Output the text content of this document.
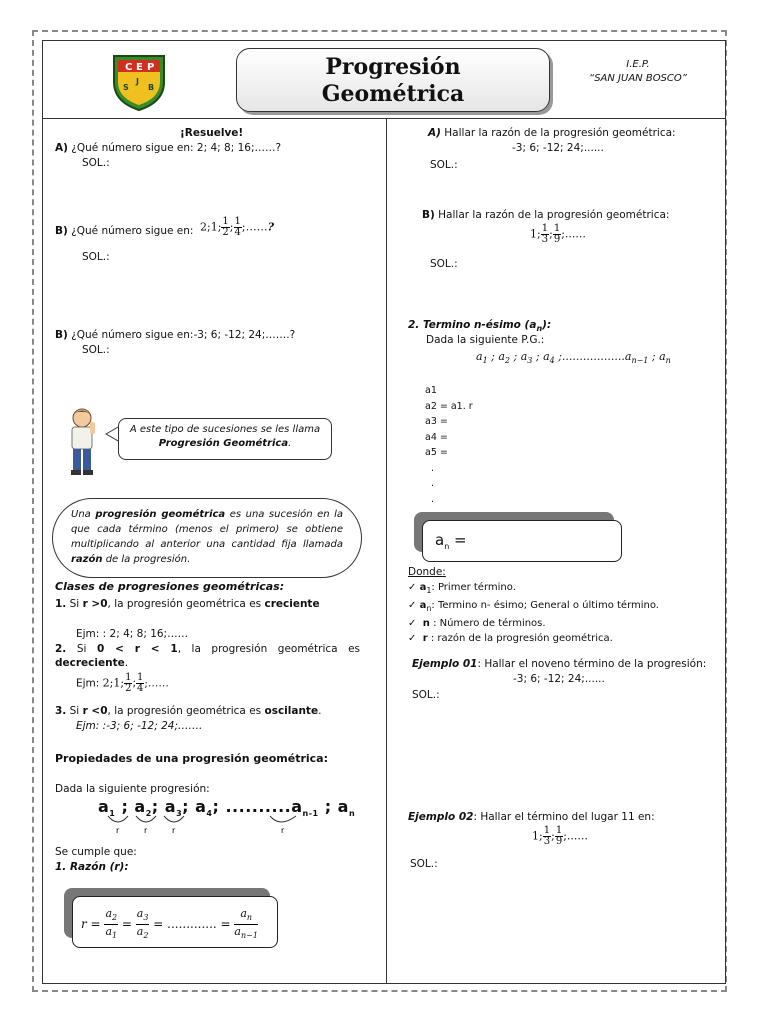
C E P
S
J
B
Progresión
Geométrica
I.E.P.
“SAN JUAN BOSCO”
¡Resuelve!
A) ¿Qué número sigue en: 2; 4; 8; 16;……?
SOL.:
B) ¿Qué número sigue en: 2;1; $\frac{1}{2}$ ; $\frac{1}{4}$ ;……?
SOL.:
B) ¿Qué número sigue en:-3; 6; -12; 24;…….?
SOL.:
A este tipo de sucesiones se les llama Progresión Geométrica.
Una progresión geométrica es una sucesión en la que cada término (menos el primero) se obtiene multiplicando al anterior una cantidad fija llamada razón de la progresión.
Clases de progresiones geométricas:
1. Si r >0, la progresión geométrica es creciente
Ejm: : 2; 4; 8; 16;……
2. Si 0 < r < 1, la progresión geométrica es decreciente.
Ejm: 2;1; $\frac{1}{2}$ ; $\frac{1}{4}$ ;……
3. Si r <0, la progresión geométrica es oscilante.
Ejm: :-3; 6; -12; 24;…….
Propiedades de una progresión geométrica:
Dada la siguiente progresión:
$a_1$ ; $a_2$; $a_3$; $a_4$; $..........a_{n-1}$ ; $a_n$
r	r	r	r
Se cumple que:
1. Razón (r):
$r = \frac{a_2}{a_1} = \frac{a_3}{a_2}$ = ............. = $\frac{a_n}{a_{n-1}}$
A) Hallar la razón de la progresión geométrica:
-3; 6; -12; 24;......
SOL.:
B) Hallar la razón de la progresión geométrica:
1; $\frac{1}{3}$ ; $\frac{1}{9}$ ;......
SOL.:
2. Termino n-ésimo $(a_n)$:
Dada la siguiente P.G.:
$a_1$ ; $a_2$ ; $a_3$ ; $a_4$ $;..................a_{n-1}$ ; $a_n$
a1
a2 = a1. r
a3 =
a4 =
a5 =
.
.
.
$a_n$ =
Donde:
✓ $a_1$: Primer término.
✓ $a_n$: Termino n- ésimo; General o último término.
✓  n : Número de términos.
✓  r : razón de la progresión geométrica.
Ejemplo 01: Hallar el noveno término de la progresión:
-3; 6; -12; 24;......
SOL.:
Ejemplo 02: Hallar el término del lugar 11 en:
1; $\frac{1}{3}$ ; $\frac{1}{9}$ ;......
SOL.:
